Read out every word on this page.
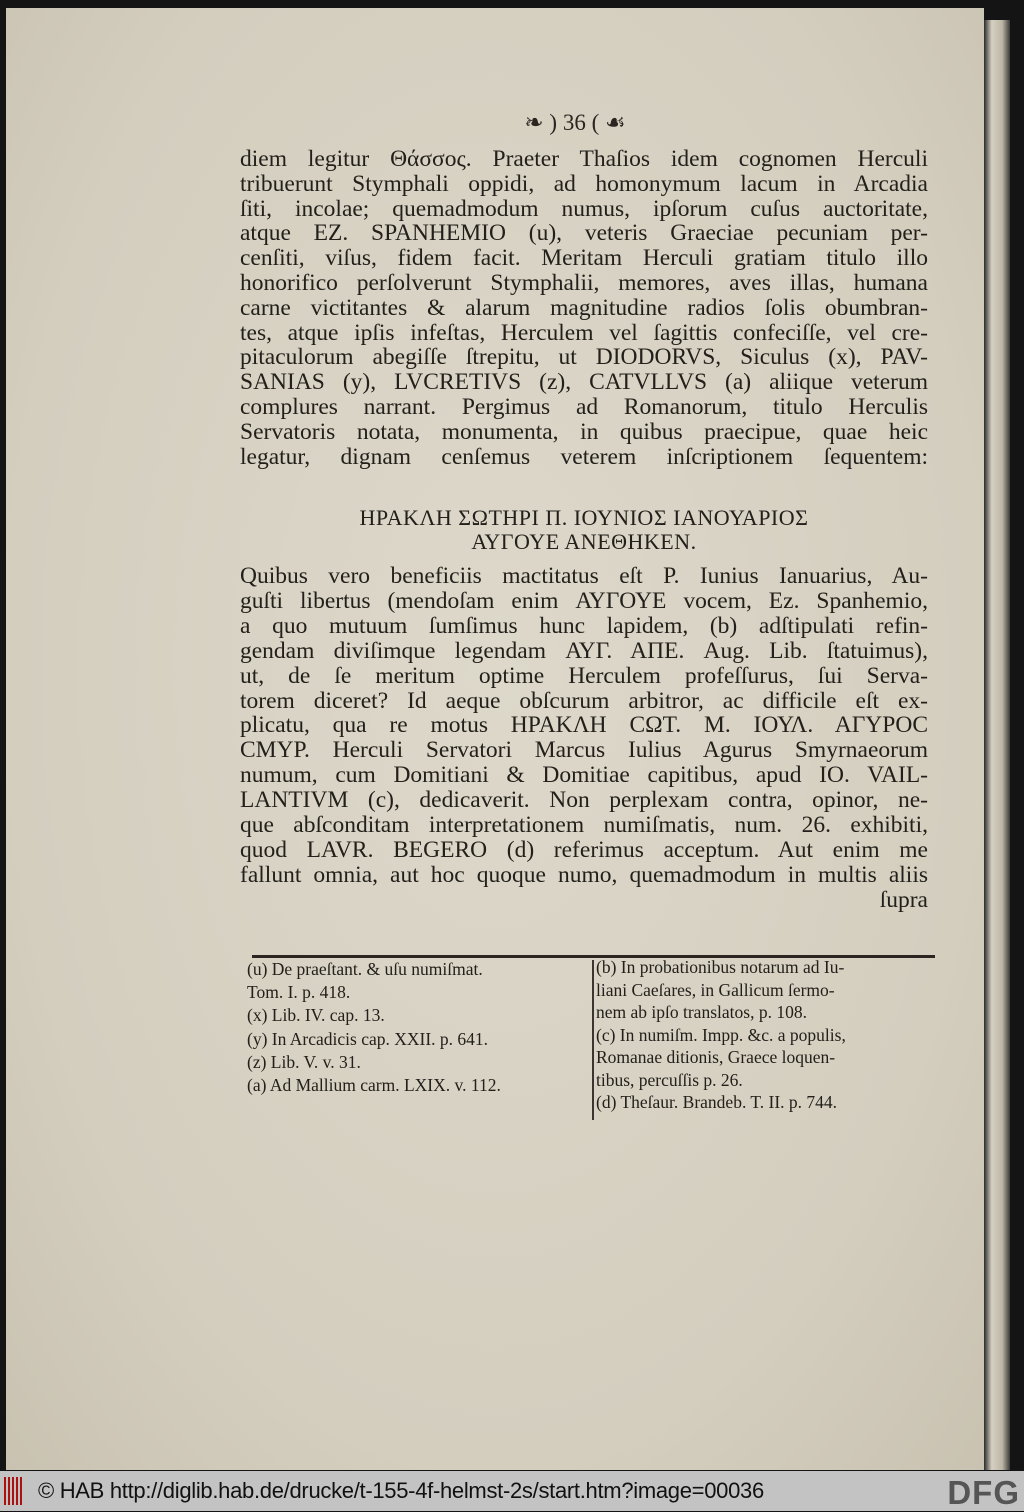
❧ ) 36 ( ☙
diem legitur Θάσσος. Praeter Thaſios idem cognomen Herculi
tribuerunt Stymphali oppidi, ad homonymum lacum in Arcadia
ſiti, incolae; quemadmodum numus, ipſorum cuſus auctoritate,
atque EZ. SPANHEMIO (u), veteris Graeciae pecuniam per-
cenſiti, viſus, fidem facit. Meritam Herculi gratiam titulo illo
honorifico perſolverunt Stymphalii, memores, aves illas, humana
carne victitantes & alarum magnitudine radios ſolis obumbran-
tes, atque ipſis infeſtas, Herculem vel ſagittis confeciſſe, vel cre-
pitaculorum abegiſſe ſtrepitu, ut DIODORVS, Siculus (x), PAV-
SANIAS (y), LVCRETIVS (z), CATVLLVS (a) aliique veterum
complures narrant. Pergimus ad Romanorum, titulo Herculis
Servatoris notata, monumenta, in quibus praecipue, quae heic
legatur, dignam cenſemus veterem inſcriptionem ſequentem:
ΗΡΑΚΛΗ ΣΩΤΗΡΙ Π. ΙΟΥΝΙΟΣ ΙΑΝΟΥΑΡΙΟΣ
ΑΥΓΟΥΕ ΑΝΕΘΗΚΕΝ.
Quibus vero beneficiis mactitatus eſt P. Iunius Ianuarius, Au-
guſti libertus (mendoſam enim ΑΥΓΟΥΕ vocem, Ez. Spanhemio,
a quo mutuum ſumſimus hunc lapidem, (b) adſtipulati refin-
gendam diviſimque legendam ΑΥΓ. ΑΠΕ. Aug. Lib. ſtatuimus),
ut, de ſe meritum optime Herculem profeſſurus, ſui Serva-
torem diceret? Id aeque obſcurum arbitror, ac difficile eſt ex-
plicatu, qua re motus ΗΡΑΚΛΗ CΩΤ. Μ. ΙΟΥΛ. ΑΓΥΡΟC
CΜΥΡ. Herculi Servatori Marcus Iulius Agurus Smyrnaeorum
numum, cum Domitiani & Domitiae capitibus, apud IO. VAIL-
LANTIVM (c), dedicaverit. Non perplexam contra, opinor, ne-
que abſconditam interpretationem numiſmatis, num. 26. exhibiti,
quod LAVR. BEGERO (d) referimus acceptum. Aut enim me
fallunt omnia, aut hoc quoque numo, quemadmodum in multis aliis
ſupra
(u) De praeſtant. & uſu numiſmat.
Tom. I. p. 418.
(x) Lib. IV. cap. 13.
(y) In Arcadicis cap. XXII. p. 641.
(z) Lib. V. v. 31.
(a) Ad Mallium carm. LXIX. v. 112.
(b) In probationibus notarum ad Iu-
liani Caeſares, in Gallicum ſermo-
nem ab ipſo translatos, p. 108.
(c) In numiſm. Impp. &c. a populis,
Romanae ditionis, Graece loquen-
tibus, percuſſis p. 26.
(d) Theſaur. Brandeb. T. II. p. 744.
© HAB http://diglib.hab.de/drucke/t-155-4f-helmst-2s/start.htm?image=00036	DFG
